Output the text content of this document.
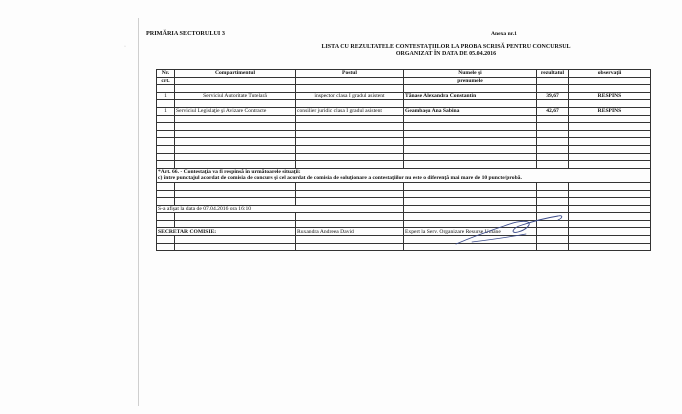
·
PRIMĂRIA SECTORULUI 3	Anexa nr.1
LISTA CU REZULTATELE CONTESTAŢIILOR LA PROBA SCRISĂ PENTRU CONCURSUL
ORGANIZAT ÎN DATA DE 05.04.2016
Nr.	Compartimentul	Postul	Numele şi	rezultatul	observaţii
crt.			prenumele		

1	Serviciul Autoritate Tutelară	inspector clasa I gradul asistent	Tănase Alexandra Constantin	39,67	RESPINS

1	Serviciul Legislaţie şi Avizare Contracte	consilier juridic clasa I gradul asistent	Geambaşu Ana Sabina	42,67	RESPINS

*Art. 66. - Contestaţia va fi respinsă în următoarele situaţii:					
c) între punctajul acordat de comisia de concurs şi cel acordat de comisia de soluţionare a contestaţiilor nu este o diferenţă mai mare de 10 puncte/probă.					

S-a afişat la data de 07.04.2016 ora 16:10					

SECRETAR COMISIE:		Ruxandra Andreea David	Expert la Serv. Organizare Resurse Umane		
